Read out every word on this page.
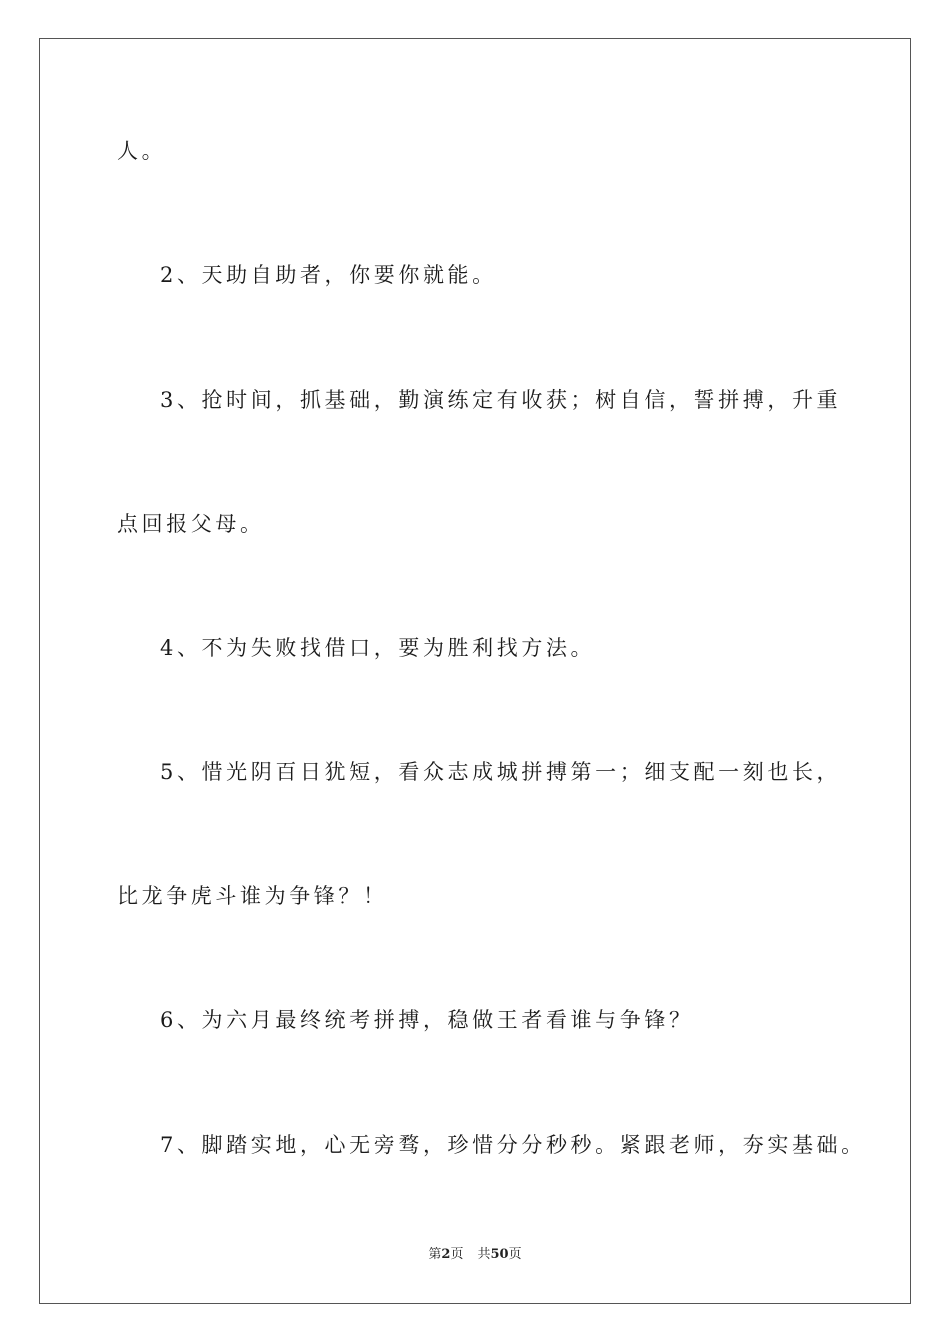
人。
2、天助自助者，你要你就能。
3、抢时间，抓基础，勤演练定有收获；树自信，誓拼搏，升重
点回报父母。
4、不为失败找借口，要为胜利找方法。
5、惜光阴百日犹短，看众志成城拼搏第一；细支配一刻也长，
比龙争虎斗谁为争锋？！
6、为六月最终统考拼搏，稳做王者看谁与争锋？
7、脚踏实地，心无旁骛，珍惜分分秒秒。紧跟老师，夯实基础。
第2页 共50页
